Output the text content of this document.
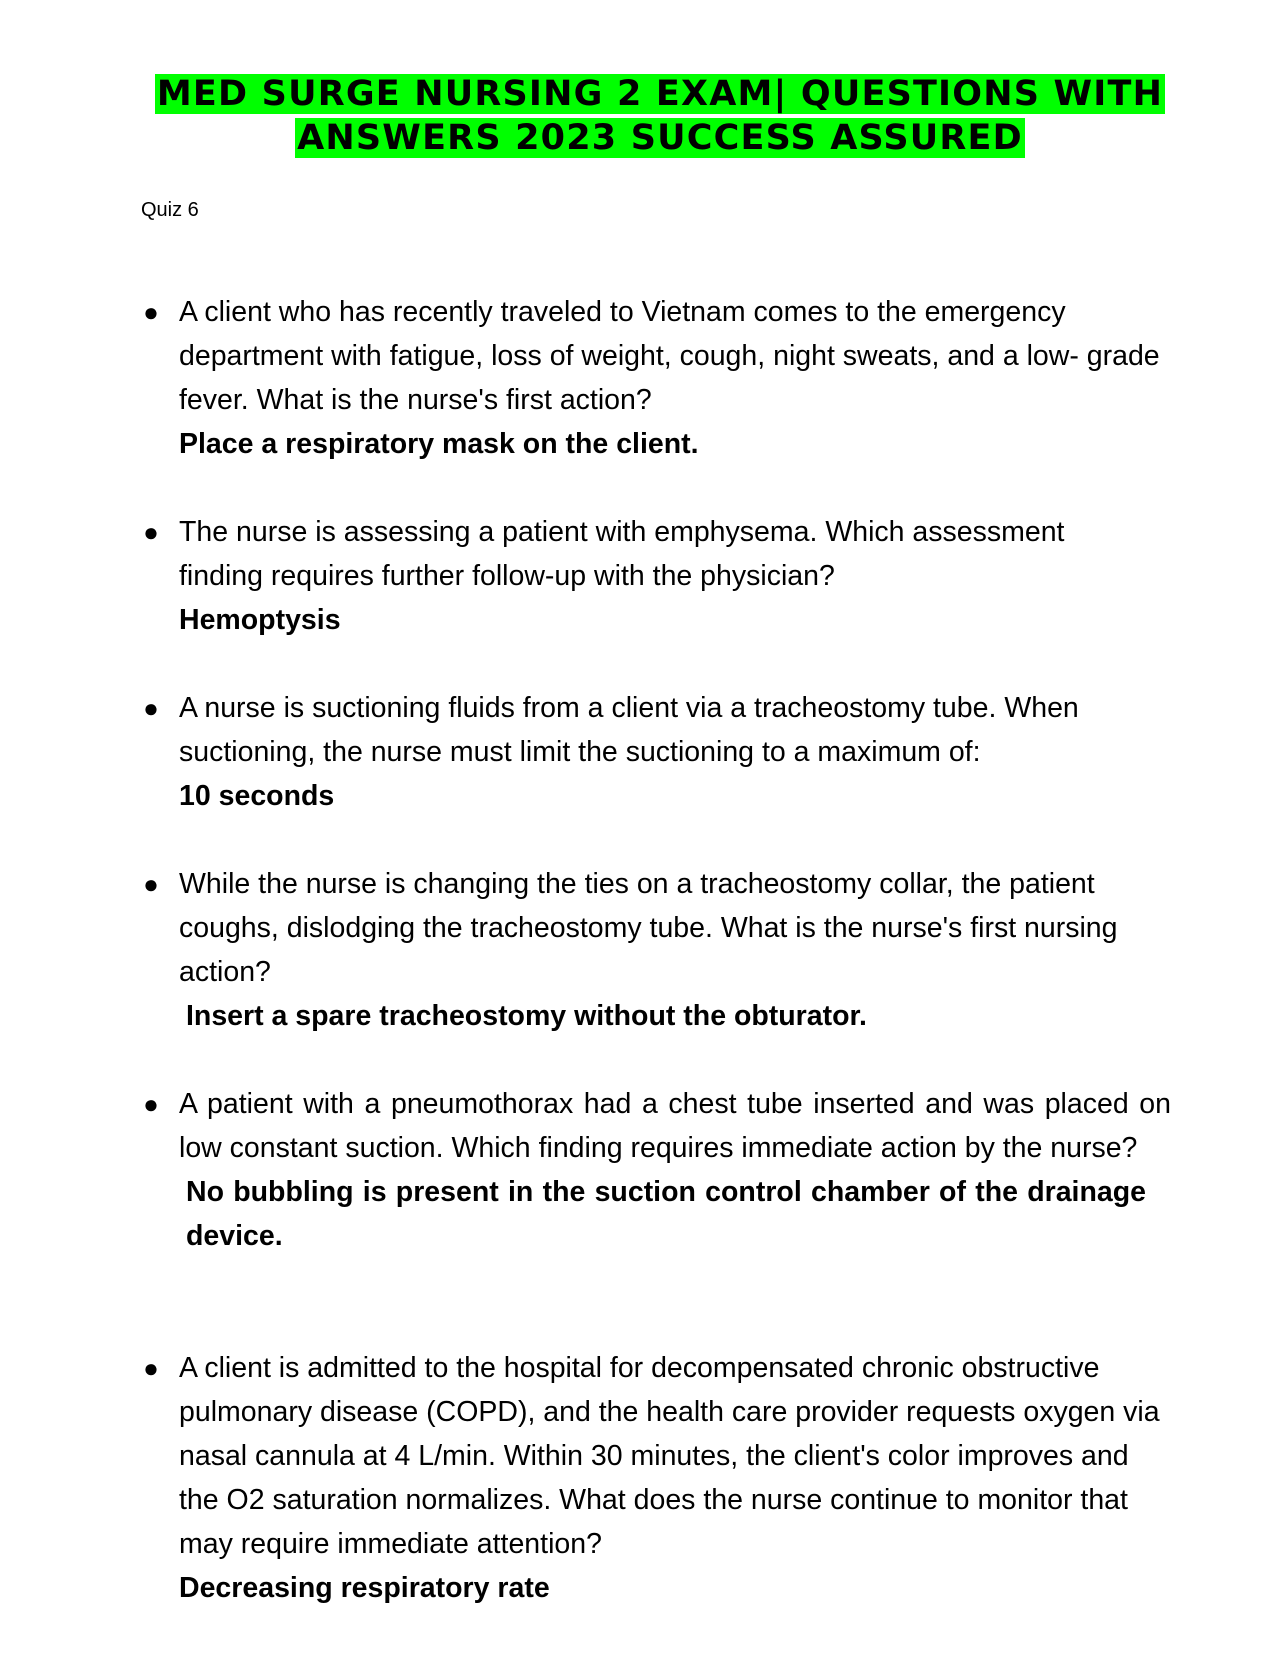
MED SURGE NURSING 2 EXAM| QUESTIONS WITH
ANSWERS 2023 SUCCESS ASSURED
Quiz 6
● A client who has recently traveled to Vietnam comes to the emergency department with fatigue, loss of weight, cough, night sweats, and a low- grade fever. What is the nurse's first action?
Place a respiratory mask on the client.
● The nurse is assessing a patient with emphysema. Which assessment finding requires further follow-up with the physician?
Hemoptysis
● A nurse is suctioning fluids from a client via a tracheostomy tube. When suctioning, the nurse must limit the suctioning to a maximum of:
10 seconds
● While the nurse is changing the ties on a tracheostomy collar, the patient coughs, dislodging the tracheostomy tube. What is the nurse's first nursing action?
Insert a spare tracheostomy without the obturator.
● A patient with a pneumothorax had a chest tube inserted and was placed on low constant suction. Which finding requires immediate action by the nurse?
No bubbling is present in the suction control chamber of the drainage device.
● A client is admitted to the hospital for decompensated chronic obstructive pulmonary disease (COPD), and the health care provider requests oxygen via nasal cannula at 4 L/min. Within 30 minutes, the client's color improves and the O2 saturation normalizes. What does the nurse continue to monitor that may require immediate attention?
Decreasing respiratory rate
